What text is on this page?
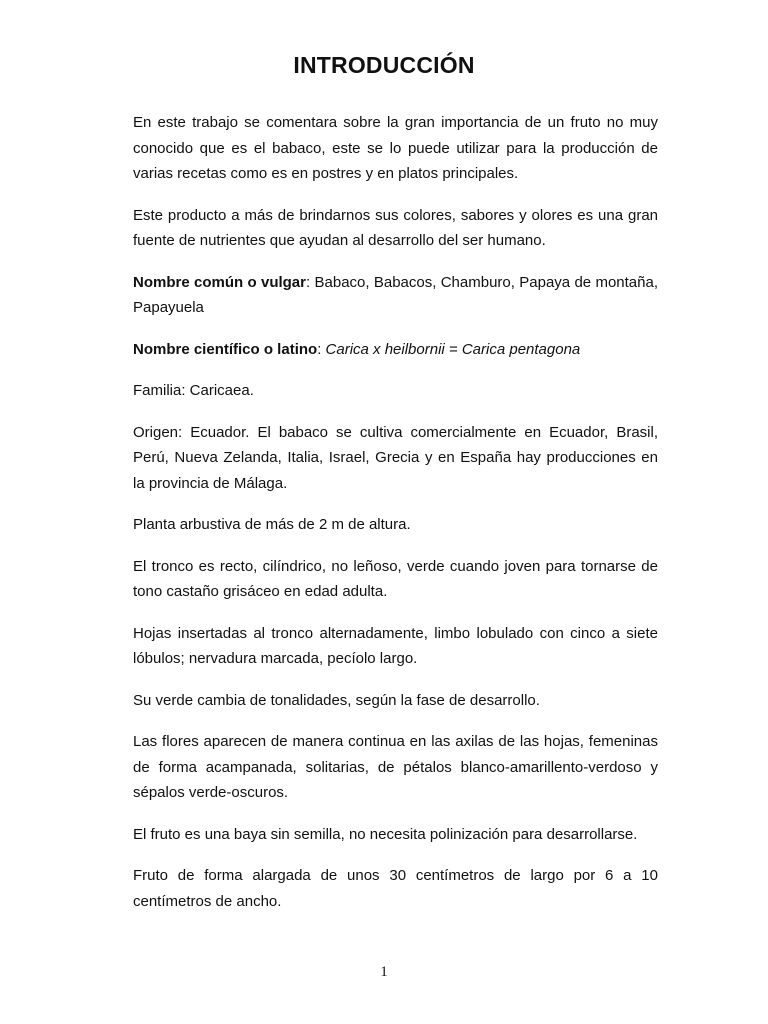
INTRODUCCIÓN

En este trabajo se comentara sobre la gran importancia de un fruto no muy conocido que es el babaco, este se lo puede utilizar para la producción de varias recetas como es en postres y en platos principales.

Este producto a más de brindarnos sus colores, sabores y olores es una gran fuente de nutrientes que ayudan al desarrollo del ser humano.

Nombre común o vulgar: Babaco, Babacos, Chamburo, Papaya de montaña, Papayuela

Nombre científico o latino: Carica x heilbornii = Carica pentagona

Familia: Caricaea.

Origen: Ecuador. El babaco se cultiva comercialmente en Ecuador, Brasil, Perú, Nueva Zelanda, Italia, Israel, Grecia y en España hay producciones en la provincia de Málaga.

Planta arbustiva de más de 2 m de altura.

El tronco es recto, cilíndrico, no leñoso, verde cuando joven para tornarse de tono castaño grisáceo en edad adulta.

Hojas insertadas al tronco alternadamente, limbo lobulado con cinco a siete lóbulos; nervadura marcada, pecíolo largo.

Su verde cambia de tonalidades, según la fase de desarrollo.

Las flores aparecen de manera continua en las axilas de las hojas, femeninas de forma acampanada, solitarias, de pétalos blanco-amarillento-verdoso y sépalos verde-oscuros.

El fruto es una baya sin semilla, no necesita polinización para desarrollarse.

Fruto de forma alargada de unos 30 centímetros de largo por 6 a 10 centímetros de ancho.

1
